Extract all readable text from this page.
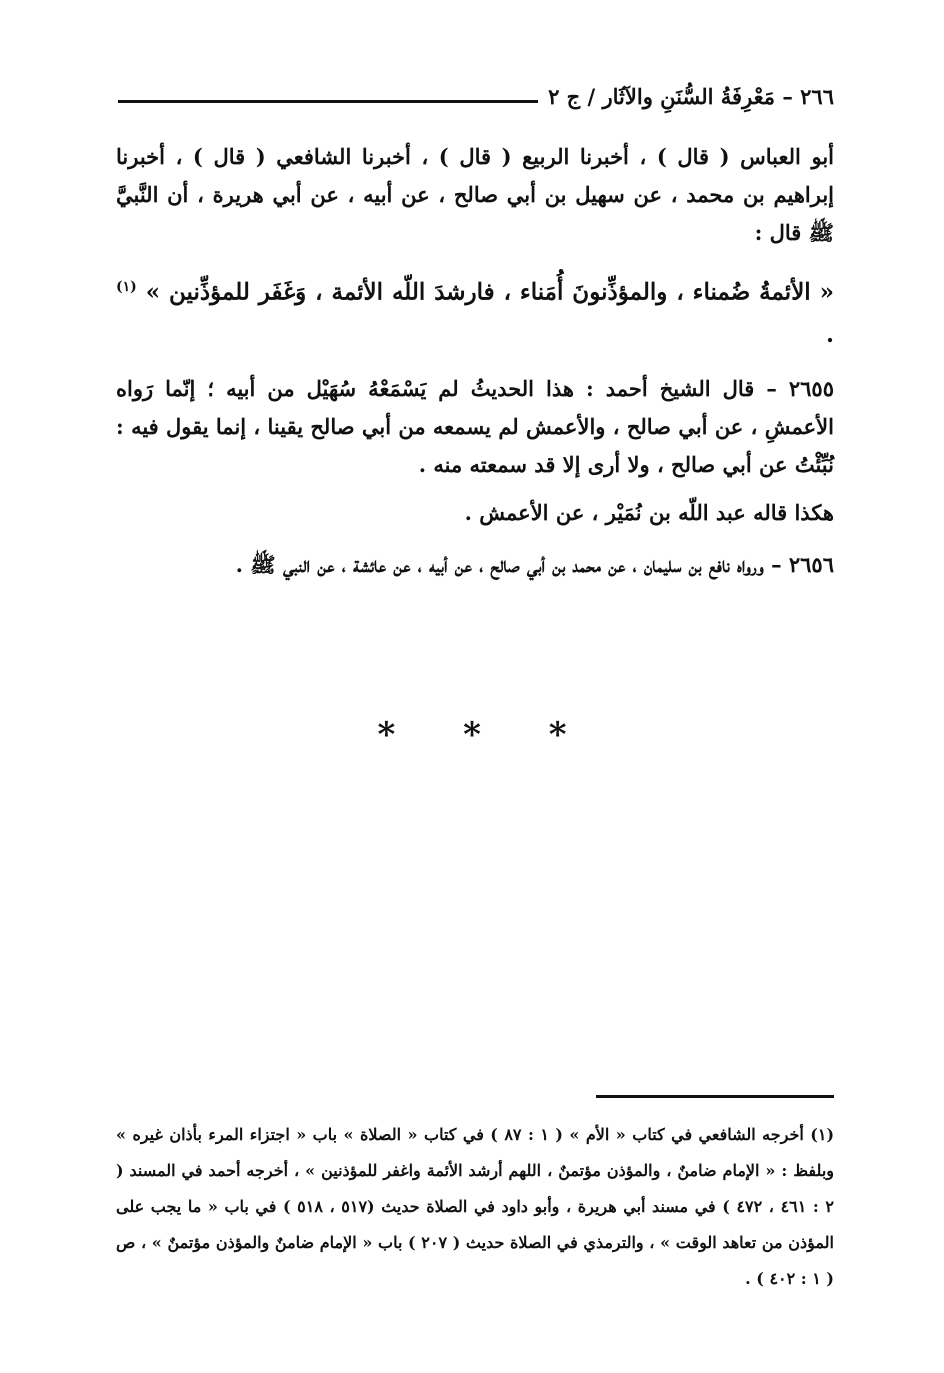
٢٦٦ – مَعْرِفَةُ السُّنَنِ والآثَار / ج ٢

أبو العباس ( قال ) ، أخبرنا الربيع ( قال ) ، أخبرنا الشافعي ( قال ) ، أخبرنا إبراهيم بن محمد ، عن سهيل بن أبي صالح ، عن أبيه ، عن أبي هريرة ، أن النَّبيَّ ﷺ قال :

« الأئمةُ ضُمناء ، والمؤذِّنونَ أُمَناء ، فارشدَ اللّه الأئمة ، وَغَفَر للمؤذِّنين » $^{(١)}$ .

٢٦٥٥ – قال الشيخ أحمد : هذا الحديثُ لم يَسْمَعْهُ سُهَيْل من أبيه ؛ إنّما رَواه الأعمشِ ، عن أبي صالح ، والأعمش لم يسمعه من أبي صالح يقينا ، إنما يقول فيه : نُبِّئْتُ عن أبي صالح ، ولا أرى إلا قد سمعته منه .

هكذا قاله عبد اللّه بن نُمَيْر ، عن الأعمش .

٢٦٥٦ – ورواه نافع بن سليمان ، عن محمد بن أبي صالح ، عن أبيه ، عن عائشة ، عن النبي ﷺ .

* * *

(١) أخرجه الشافعي في كتاب « الأم » ( ١ : ٨٧ ) في كتاب « الصلاة » باب « اجتزاء المرء بأذان غيره » وبلفظ : « الإمام ضامنٌ ، والمؤذن مؤتمنٌ ، اللهم أرشد الأئمة واغفر للمؤذنين » ، أخرجه أحمد في المسند ( ٢ : ٤٦١ ، ٤٧٢ ) في مسند أبي هريرة ، وأبو داود في الصلاة حديث (٥١٧ ، ٥١٨ ) في باب « ما يجب على المؤذن من تعاهد الوقت » ، والترمذي في الصلاة حديث ( ٢٠٧ ) باب « الإمام ضامنٌ والمؤذن مؤتمنٌ » ، ص ( ١ : ٤٠٢ ) .
